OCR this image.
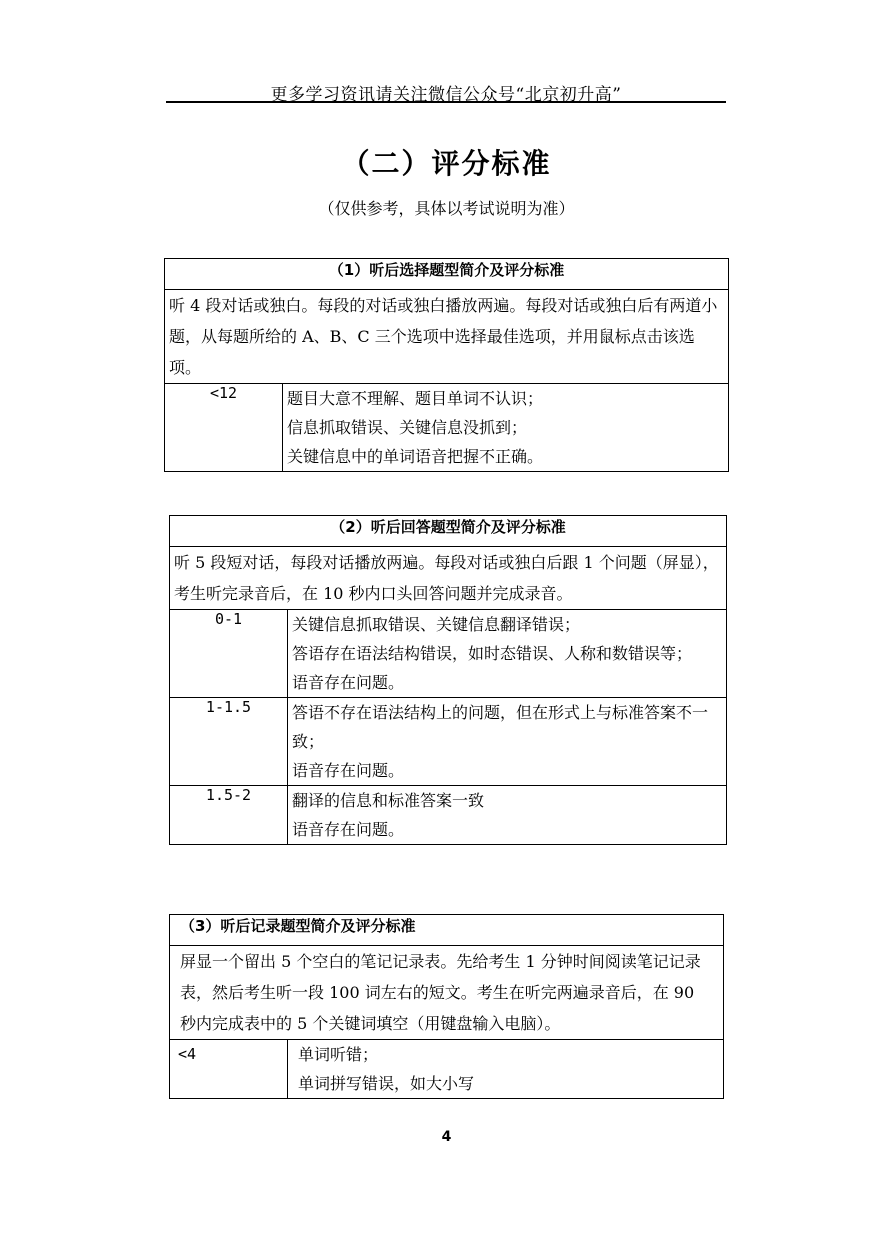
更多学习资讯请关注微信公众号“北京初升高”
（二）评分标准
（仅供参考，具体以考试说明为准）
（1）听后选择题型简介及评分标准
听 4 段对话或独白。每段的对话或独白播放两遍。每段对话或独白后有两道小题，从每题所给的 A、B、C 三个选项中选择最佳选项，并用鼠标点击该选项。
<12	题目大意不理解、题目单词不认识；
信息抓取错误、关键信息没抓到；
关键信息中的单词语音把握不正确。
（2）听后回答题型简介及评分标准	
听 5 段短对话，每段对话播放两遍。每段对话或独白后跟 1 个问题（屏显），考生听完录音后，在 10 秒内口头回答问题并完成录音。	
0-1	关键信息抓取错误、关键信息翻译错误；
答语存在语法结构错误，如时态错误、人称和数错误等；
语音存在问题。

1-1.5	答语不存在语法结构上的问题，但在形式上与标准答案不一致；
语音存在问题。

1.5-2	翻译的信息和标准答案一致
语音存在问题。
（3）听后记录题型简介及评分标准
屏显一个留出 5 个空白的笔记记录表。先给考生 1 分钟时间阅读笔记记录表，然后考生听一段 100 词左右的短文。考生在听完两遍录音后，在 90 秒内完成表中的 5 个关键词填空（用键盘输入电脑）。
<4	单词听错；
单词拼写错误，如大小写
4
